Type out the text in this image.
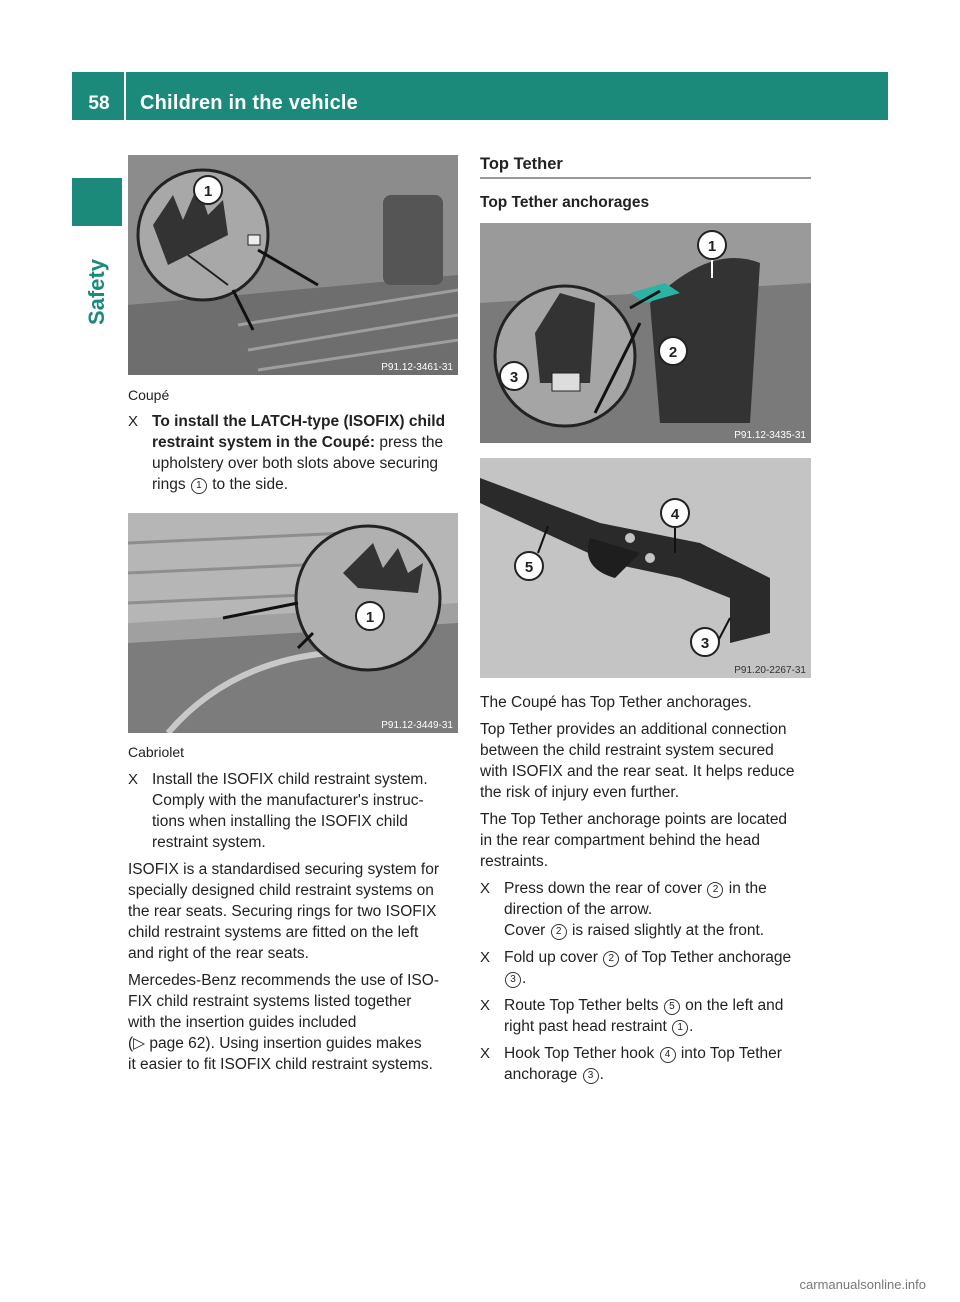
58 Children in the vehicle
Safety
1
P91.12-3461-31
Coupé
X To install the LATCH-type (ISOFIX) child
restraint system in the Coupé: press the
upholstery over both slots above securing
rings 1 to the side.
1
P91.12-3449-31
Cabriolet
X Install the ISOFIX child restraint system.
Comply with the manufacturer's instruc-
tions when installing the ISOFIX child
restraint system.

ISOFIX is a standardised securing system for
specially designed child restraint systems on
the rear seats. Securing rings for two ISOFIX
child restraint systems are fitted on the left
and right of the rear seats.

Mercedes-Benz recommends the use of ISO-
FIX child restraint systems listed together
with the insertion guides included
(▷ page 62). Using insertion guides makes
it easier to fit ISOFIX child restraint systems.

Top Tether
Top Tether anchorages
1
2
3
P91.12-3435-31
4
5
3
P91.20-2267-31

The Coupé has Top Tether anchorages.

Top Tether provides an additional connection
between the child restraint system secured
with ISOFIX and the rear seat. It helps reduce
the risk of injury even further.

The Top Tether anchorage points are located
in the rear compartment behind the head
restraints.

X Press down the rear of cover 2 in the
direction of the arrow.
Cover 2 is raised slightly at the front.
X Fold up cover 2 of Top Tether anchorage
3 .
X Route Top Tether belts 5 on the left and
right past head restraint 1 .
X Hook Top Tether hook 4 into Top Tether
anchorage 3 .
carmanualsonline.info
